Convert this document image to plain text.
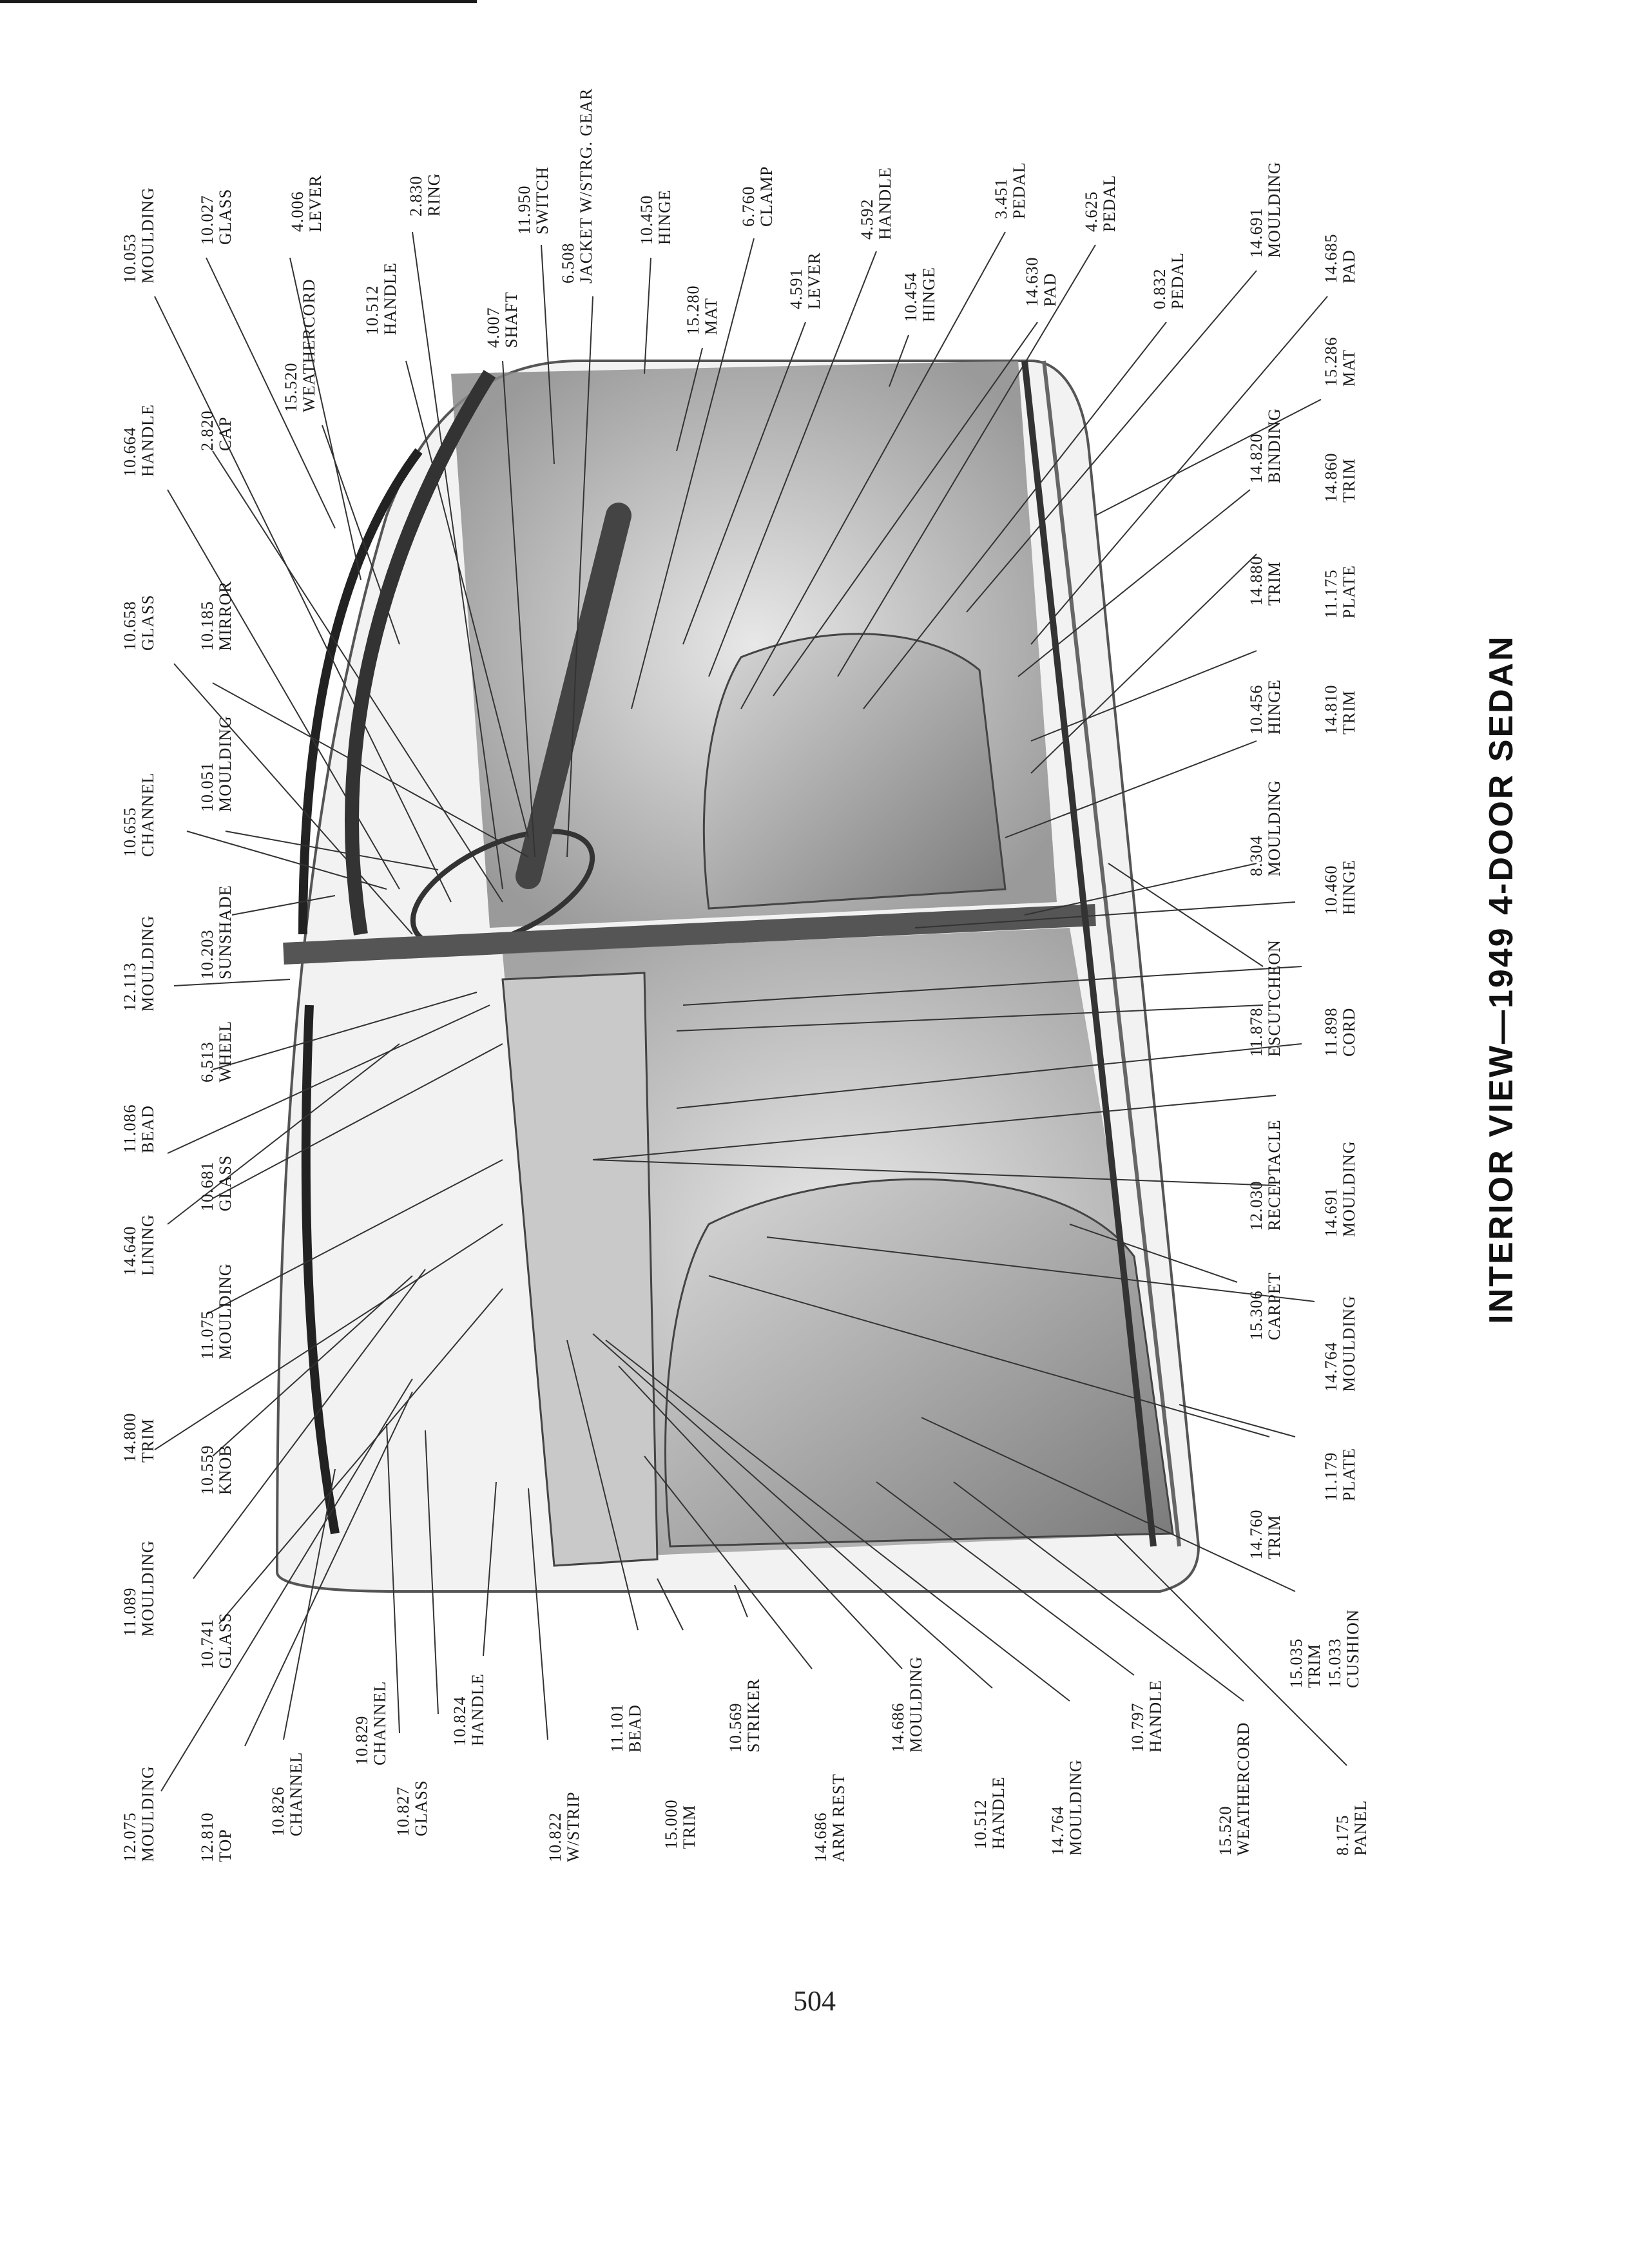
10.053 MOULDING 10.027 GLASS	4.006 LEVER	2.830 RING
15.520 WEATHERCORD	10.512 HANDLE
11.950 SWITCH
6.508 JACKET W/STRG. GEAR
4.007 SHAFT
10.450 HINGE	6.760 CLAMP
15.280 MAT
4.592 HANDLE
4.591 LEVER
3.451 PEDAL
10.454 HINGE
4.625 PEDAL
14.630 PAD
14.691 MOULDING
0.832 PEDAL	14.685 PAD
10.664 HANDLE 2.820 CAP
15.286 MAT
14.820 BINDING 14.860 TRIM
10.658 GLASS 10.185 MIRROR
14.880 TRIM 11.175 PLATE
10.655 CHANNEL 10.051 MOULDING
10.456 HINGE 14.810 TRIM
12.113 MOULDING 10.203 SUNSHADE
8.304 MOULDING
10.460 HINGE
11.086 BEAD
6.513 WHEEL	11.878 ESCUTCHEON 11.898 CORD
14.640 LINING
10.681 GLASS	12.030 RECEPTACLE
11.075 MOULDING
14.691 MOULDING
15.306 CARPET
14.800 TRIM
10.559 KNOB
14.764 MOULDING
11.179 PLATE
14.760 TRIM
11.089 MOULDING
10.741 GLASS	15.035 TRIM 15.033 CUSHION
12.075 MOULDING 12.810 TOP
10.826 CHANNEL
10.829 CHANNEL
10.827 GLASS
10.824 HANDLE
10.822 W/STRIP
11.101 BEAD
15.000 TRIM
10.569 STRIKER
14.686 ARM REST
14.686 MOULDING
10.512 HANDLE 14.764 MOULDING
10.797 HANDLE
15.520 WEATHERCORD	8.175 PANEL
INTERIOR VIEW—1949 4-DOOR SEDAN
504
